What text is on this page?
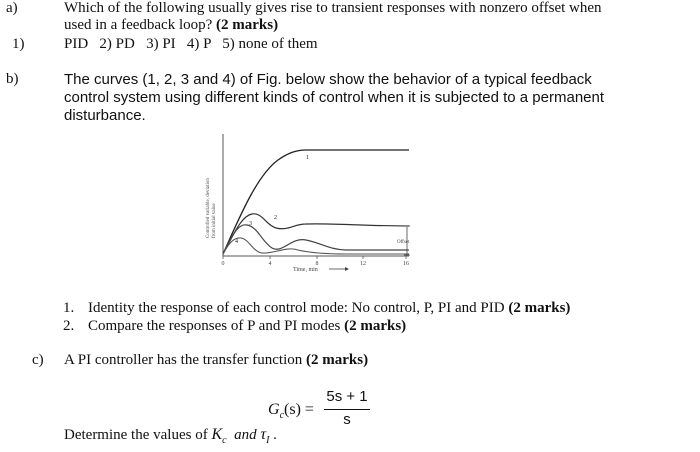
a)	Which of the following usually gives rise to transient responses with nonzero offset when
used in a feedback loop? (2 marks)
1)	PID   2) PD   3) PI   4) P   5) none of them
b)	The curves (1, 2, 3 and 4) of Fig. below show the behavior of a typical feedback
control system using different kinds of control when it is subjected to a permanent
disturbance.
Controlled variable, deviation from initial value
0	4	8	12	16
Time, min
1
2
3
4	Offset
1. Identity the response of each control mode: No control, P, PI and PID (2 marks)
2. Compare the responses of P and PI modes (2 marks)
c) A PI controller has the transfer function (2 marks)
$G_c(s)$ =
5s + 1
s
Determine the values of $K_c$ and $\tau_I$ .
